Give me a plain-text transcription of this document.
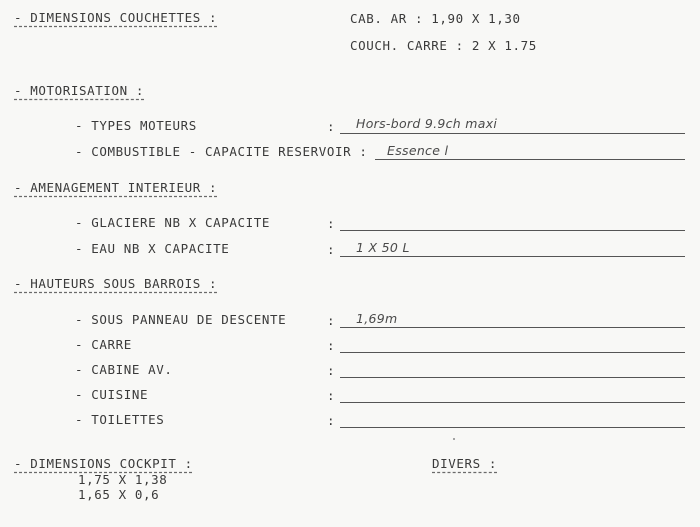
- DIMENSIONS COUCHETTES :	CAB. AR : 1,90 X 1,30
COUCH. CARRE : 2 X 1.75
- MOTORISATION :
- TYPES MOTEURS	: Hors-bord 9.9ch maxi
- COMBUSTIBLE - CAPACITE RESERVOIR : Essence l
- AMENAGEMENT INTERIEUR :
- GLACIERE NB X CAPACITE	:
- EAU NB X CAPACITE	: 1 X 50 L
- HAUTEURS SOUS BARROIS :
- SOUS PANNEAU DE DESCENTE	: 1,69m
- CARRE	:
- CABINE AV.	:
- CUISINE	:
- TOILETTES	:
- DIMENSIONS COCKPIT :
1,75 X 1,38
1,65 X 0,6
DIVERS :
